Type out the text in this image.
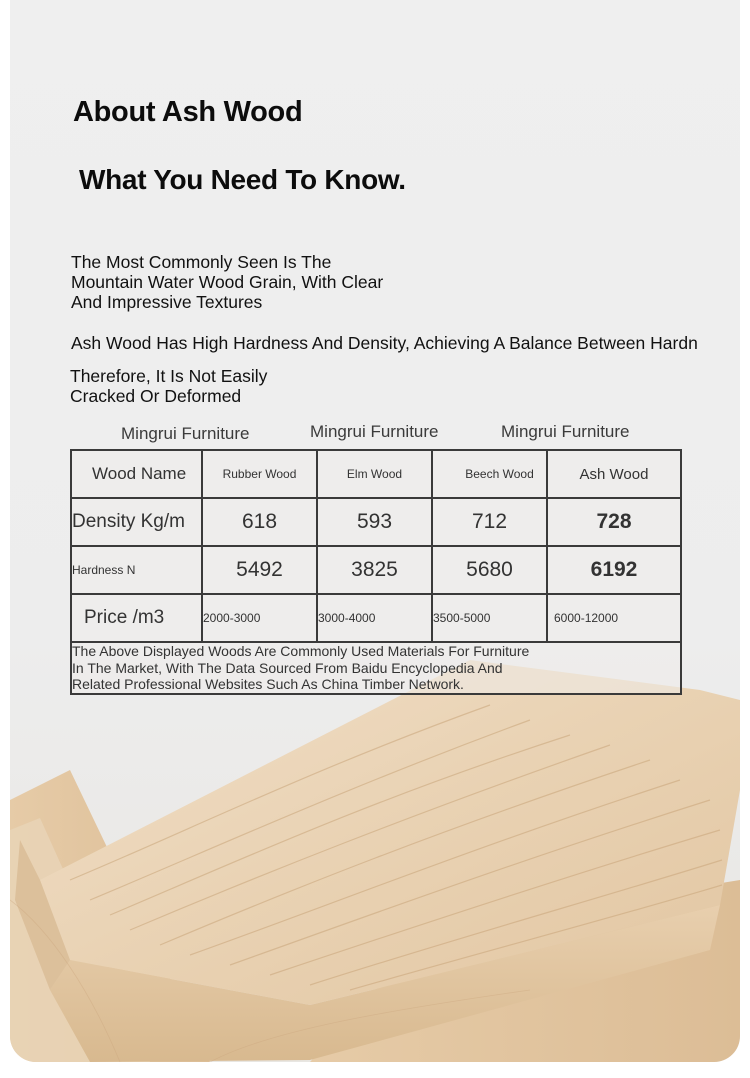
About Ash Wood
What You Need To Know.

The Most Commonly Seen Is The
Mountain Water Wood Grain, With Clear
And Impressive Textures

Ash Wood Has High Hardness And Density, Achieving A Balance Between Hardn

Therefore, It Is Not Easily
Cracked Or Deformed

Mingrui Furniture	Mingrui Furniture	Mingrui Furniture
Wood Name	Rubber Wood	Elm Wood	Beech Wood	Ash Wood
Density Kg/m	618	593	712	728
Hardness N	5492	3825	5680	6192
Price /m3	2000-3000	3000-4000	3500-5000	6000-12000
The Above Displayed Woods Are Commonly Used Materials For Furniture
In The Market, With The Data Sourced From Baidu Encyclopedia And
Related Professional Websites Such As China Timber Network.				
